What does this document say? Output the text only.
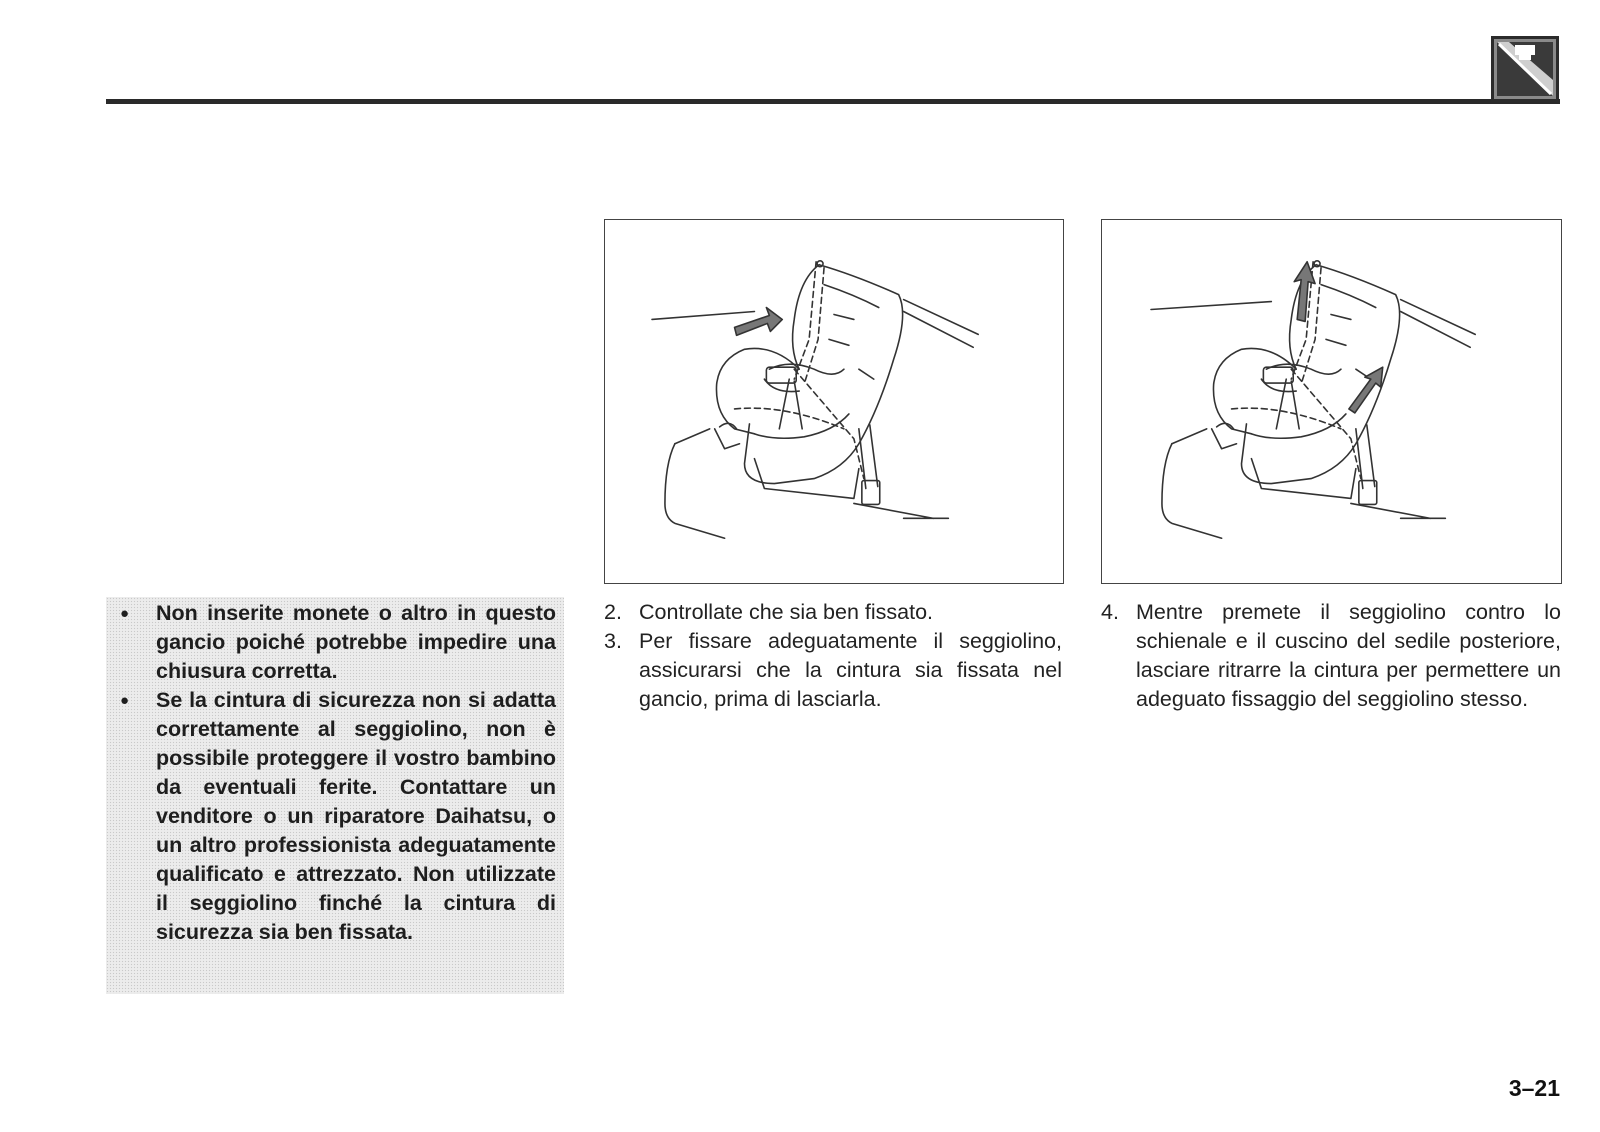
● Non inserite monete o altro in questo gancio poiché potrebbe impedire una chiusura corretta.
● Se la cintura di sicurezza non si adatta correttamente al seggiolino, non è possibile proteggere il vostro bambino da eventuali ferite. Contattare un venditore o un riparatore Daihatsu, o un altro professionista adeguatamente qualificato e attrezzato. Non utilizzate il seggiolino finché la cintura di sicurezza sia ben fissata.
2. Controllate che sia ben fissato.
3. Per fissare adeguatamente il seggiolino, assicurarsi che la cintura sia fissata nel gancio, prima di lasciarla.
4. Mentre premete il seggiolino contro lo schienale e il cuscino del sedile posteriore, lasciare ritrarre la cintura per permettere un adeguato fissaggio del seggiolino stesso.
3–21
